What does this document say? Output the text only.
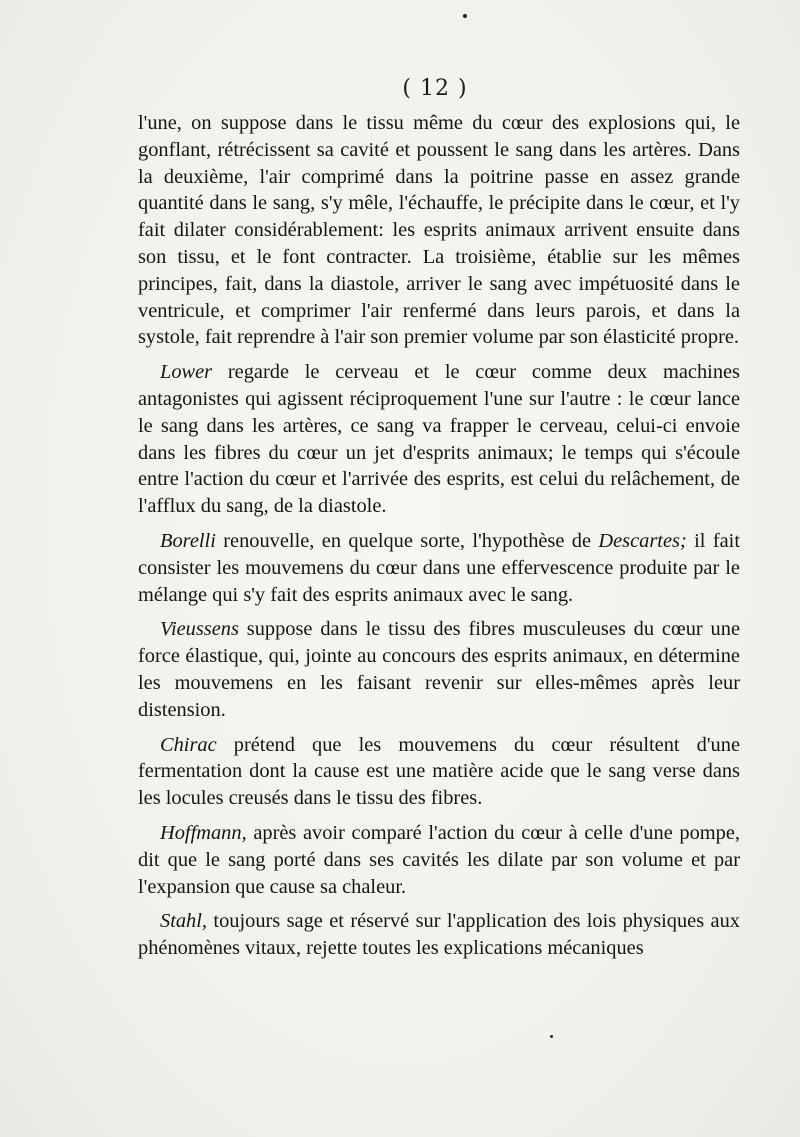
( 12 )

l'une, on suppose dans le tissu même du cœur des explosions qui, le gonflant, rétrécissent sa cavité et poussent le sang dans les artères. Dans la deuxième, l'air comprimé dans la poitrine passe en assez grande quantité dans le sang, s'y mêle, l'échauffe, le précipite dans le cœur, et l'y fait dilater considérablement: les esprits animaux arrivent ensuite dans son tissu, et le font contracter. La troisième, établie sur les mêmes principes, fait, dans la diastole, arriver le sang avec impétuosité dans le ventricule, et comprimer l'air renfermé dans leurs parois, et dans la systole, fait reprendre à l'air son premier volume par son élasticité propre.

Lower regarde le cerveau et le cœur comme deux machines antagonistes qui agissent réciproquement l'une sur l'autre : le cœur lance le sang dans les artères, ce sang va frapper le cerveau, celui-ci envoie dans les fibres du cœur un jet d'esprits animaux; le temps qui s'écoule entre l'action du cœur et l'arrivée des esprits, est celui du relâchement, de l'afflux du sang, de la diastole.

Borelli renouvelle, en quelque sorte, l'hypothèse de Descartes; il fait consister les mouvemens du cœur dans une effervescence produite par le mélange qui s'y fait des esprits animaux avec le sang.

Vieussens suppose dans le tissu des fibres musculeuses du cœur une force élastique, qui, jointe au concours des esprits animaux, en détermine les mouvemens en les faisant revenir sur elles-mêmes après leur distension.

Chirac prétend que les mouvemens du cœur résultent d'une fermentation dont la cause est une matière acide que le sang verse dans les locules creusés dans le tissu des fibres.

Hoffmann, après avoir comparé l'action du cœur à celle d'une pompe, dit que le sang porté dans ses cavités les dilate par son volume et par l'expansion que cause sa chaleur.

Stahl, toujours sage et réservé sur l'application des lois physiques aux phénomènes vitaux, rejette toutes les explications mécaniques
